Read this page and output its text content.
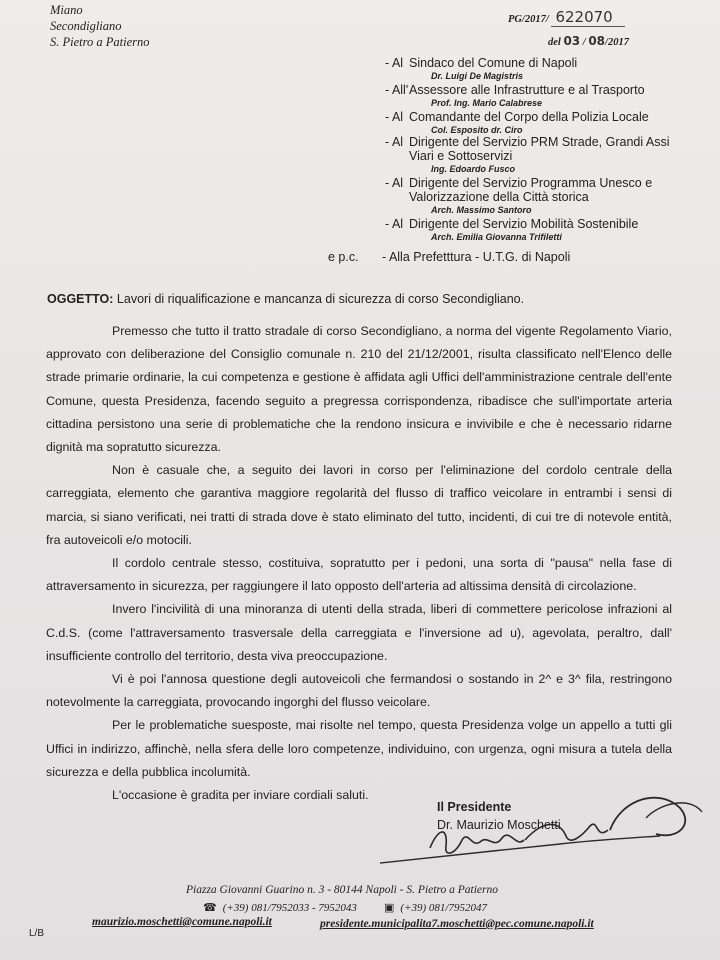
Miano
Secondigliano
S. Pietro a Patierno
PG/2017/ 622070
del 03 / 08/2017
- Al Sindaco del Comune di Napoli
Dr. Luigi De Magistris
- All' Assessore alle Infrastrutture e al Trasporto
Prof. Ing. Mario Calabrese
- Al Comandante del Corpo della Polizia Locale
Col. Esposito dr. Ciro
- Al Dirigente del Servizio PRM Strade, Grandi Assi Viari e Sottoservizi
Ing. Edoardo Fusco
- Al Dirigente del Servizio Programma Unesco e Valorizzazione della Città storica
Arch. Massimo Santoro
- Al Dirigente del Servizio Mobilità Sostenibile
Arch. Emilia Giovanna Trifiletti
e p.c. - Alla Prefetttura - U.T.G. di Napoli
OGGETTO: Lavori di riqualificazione e mancanza di sicurezza di corso Secondigliano.

Premesso che tutto il tratto stradale di corso Secondigliano, a norma del vigente Regolamento Viario, approvato con deliberazione del Consiglio comunale n. 210 del 21/12/2001, risulta classificato nell'Elenco delle strade primarie ordinarie, la cui competenza e gestione è affidata agli Uffici dell'amministrazione centrale dell'ente Comune, questa Presidenza, facendo seguito a pregressa corrispondenza, ribadisce che sull'importate arteria cittadina persistono una serie di problematiche che la rendono insicura e invivibile e che è necessario ridarne dignità ma sopratutto sicurezza.

Non è casuale che, a seguito dei lavori in corso per l'eliminazione del cordolo centrale della carreggiata, elemento che garantiva maggiore regolarità del flusso di traffico veicolare in entrambi i sensi di marcia, si siano verificati, nei tratti di strada dove è stato eliminato del tutto, incidenti, di cui tre di notevole entità, fra autoveicoli e/o motocili.

Il cordolo centrale stesso, costituiva, sopratutto per i pedoni, una sorta di "pausa" nella fase di attraversamento in sicurezza, per raggiungere il lato opposto dell'arteria ad altissima densità di circolazione.

Invero l'incivilità di una minoranza di utenti della strada, liberi di commettere pericolose infrazioni al C.d.S. (come l'attraversamento trasversale della carreggiata e l'inversione ad u), agevolata, peraltro, dall' insufficiente controllo del territorio, desta viva preoccupazione.

Vi è poi l'annosa questione degli autoveicoli che fermandosi o sostando in 2^ e 3^ fila, restringono notevolmente la carreggiata, provocando ingorghi del flusso veicolare.

Per le problematiche suesposte, mai risolte nel tempo, questa Presidenza volge un appello a tutti gli Uffici in indirizzo, affinchè, nella sfera delle loro competenze, individuino, con urgenza, ogni misura a tutela della sicurezza e della pubblica incolumità.

L'occasione è gradita per inviare cordiali saluti.

Il Presidente
Dr. Maurizio Moschetti
Piazza Giovanni Guarino n. 3 - 80144 Napoli - S. Pietro a Patierno
☎ (+39) 081/7952033 - 7952043 ▣ (+39) 081/7952047
maurizio.moschetti@comune.napoli.it	presidente.municipalita7.moschetti@pec.comune.napoli.it
L/B
